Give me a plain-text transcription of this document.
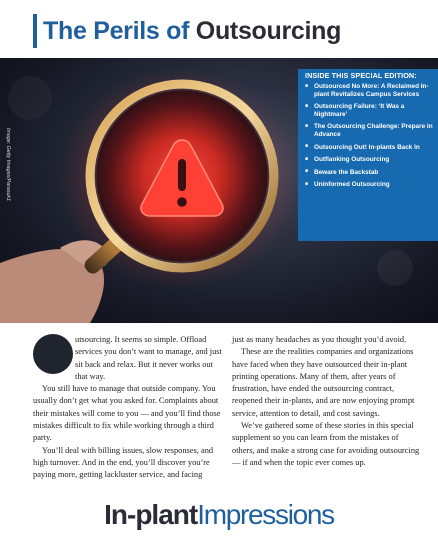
The Perils of Outsourcing
Image: Getty Images/Parasuk1
INSIDE THIS SPECIAL EDITION:
■ Outsourced No More: A Reclaimed In-plant Revitalizes Campus Services
■ Outsourcing Failure: ‘It Was a Nightmare’
■ The Outsourcing Challenge: Prepare in Advance
■ Outsourcing Out! In-plants Back In
■ Outflanking Outsourcing
■ Beware the Backstab
■ Uninformed Outsourcing

utsourcing. It seems so simple. Offload services you don’t want to manage, and just sit back and relax. But it never works out that way.

You still have to manage that outside company. You usually don’t get what you asked for. Complaints about their mistakes will come to you — and you’ll find those mistakes difficult to fix while working through a third party.

You’ll deal with billing issues, slow responses, and high turnover. And in the end, you’ll discover you’re paying more, getting lackluster service, and facing

just as many headaches as you thought you’d avoid.

These are the realities companies and organizations have faced when they have outsourced their in-plant printing operations. Many of them, after years of frustration, have ended the outsourcing contract, reopened their in-plants, and are now enjoying prompt service, attention to detail, and cost savings.

We’ve gathered some of these stories in this special supplement so you can learn from the mistakes of others, and make a strong case for avoiding outsourcing — if and when the topic ever comes up.

In-plantImpressions
